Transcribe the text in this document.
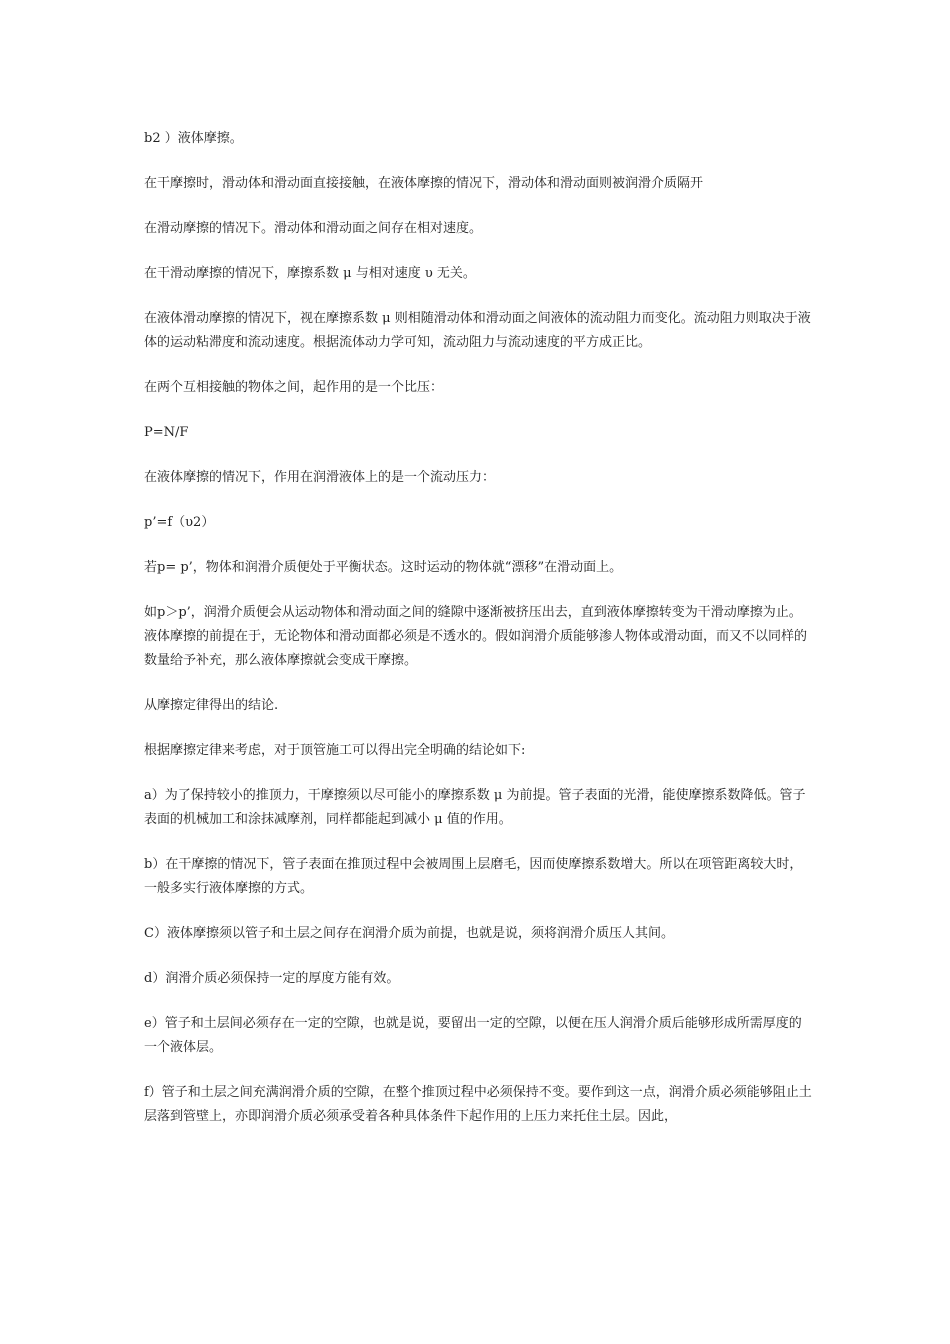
b2 ）液体摩擦。

在干摩擦时，滑动体和滑动面直接接触，在液体摩擦的情况下，滑动体和滑动面则被润滑介质隔开

在滑动摩擦的情况下。滑动体和滑动面之间存在相对速度。

在干滑动摩擦的情况下，摩擦系数 μ 与相对速度 υ 无关。

在液体滑动摩擦的情况下，视在摩擦系数 μ 则相随滑动体和滑动面之间液体的流动阻力而变化。流动阻力则取决于液体的运动粘滞度和流动速度。根据流体动力学可知，流动阻力与流动速度的平方成正比。

在两个互相接触的物体之间，起作用的是一个比压：

P=N/F

在液体摩擦的情况下，作用在润滑液体上的是一个流动压力：

p’=f（υ2）

若p= p’，物体和润滑介质便处于平衡状态。这时运动的物体就“漂移”在滑动面上。

如p＞p’，润滑介质便会从运动物体和滑动面之间的缝隙中逐渐被挤压出去，直到液体摩擦转变为干滑动摩擦为止。液体摩擦的前提在于，无论物体和滑动面都必须是不透水的。假如润滑介质能够渗人物体或滑动面，而又不以同样的数量给予补充，那么液体摩擦就会变成干摩擦。

从摩擦定律得出的结论.

根据摩擦定律来考虑，对于顶管施工可以得出完全明确的结论如下:

a）为了保持较小的推顶力，干摩擦须以尽可能小的摩擦系数 μ 为前提。管子表面的光滑，能使摩擦系数降低。管子表面的机械加工和涂抹减摩剂，同样都能起到减小 μ 值的作用。

b）在干摩擦的情况下，管子表面在推顶过程中会被周围上层磨毛，因而使摩擦系数增大。所以在项管距离较大时，一般多实行液体摩擦的方式。

C）液体摩擦须以管子和土层之间存在润滑介质为前提，也就是说，须将润滑介质压人其间。

d）润滑介质必须保持一定的厚度方能有效。

e）管子和土层间必须存在一定的空隙，也就是说，要留出一定的空隙，以便在压人润滑介质后能够形成所需厚度的一个液体层。

f）管子和土层之间充满润滑介质的空隙，在整个推顶过程中必须保持不变。要作到这一点，润滑介质必须能够阻止土层落到管壁上，亦即润滑介质必须承受着各种具体条件下起作用的上压力来托住土层。因此，
